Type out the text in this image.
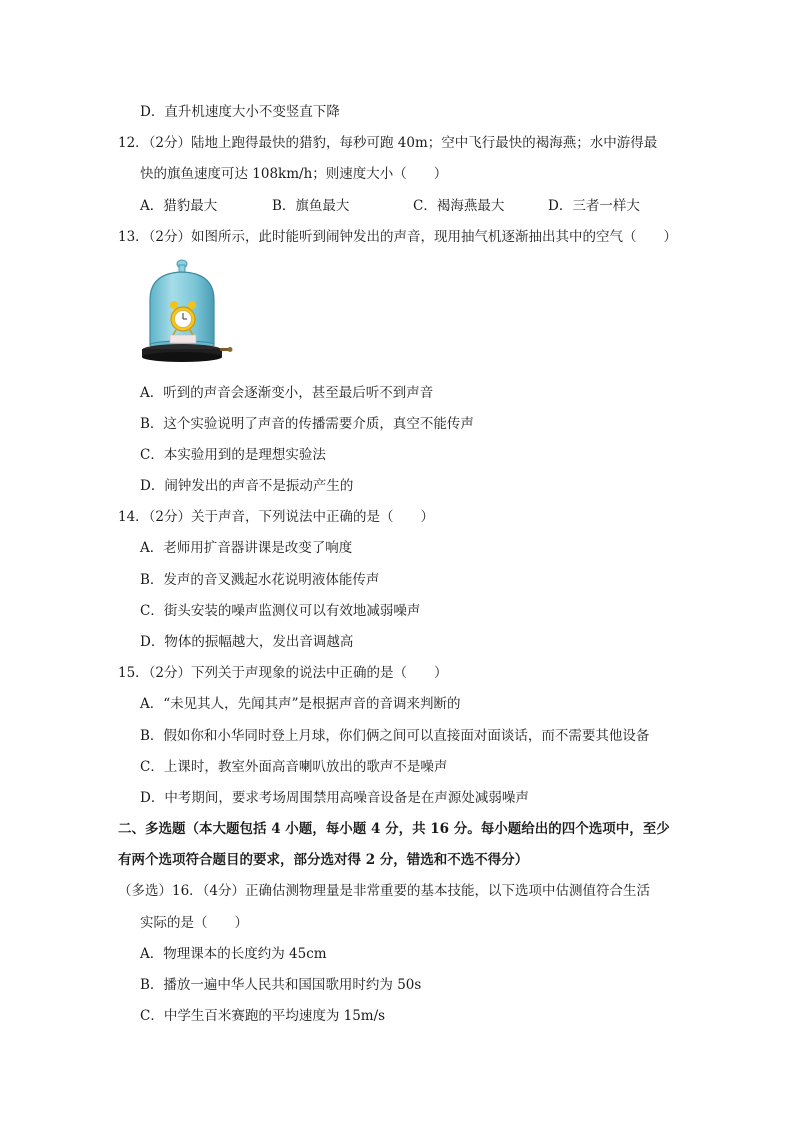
D．直升机速度大小不变竖直下降
12．（2分）陆地上跑得最快的猎豹，每秒可跑 40m；空中飞行最快的褐海燕；水中游得最
快的旗鱼速度可达 108km/h；则速度大小（　　）
A．猎豹最大	B．旗鱼最大	C．褐海燕最大	D．三者一样大
13．（2分）如图所示，此时能听到闹钟发出的声音，现用抽气机逐渐抽出其中的空气（　　）
A．听到的声音会逐渐变小，甚至最后听不到声音
B．这个实验说明了声音的传播需要介质，真空不能传声
C．本实验用到的是理想实验法
D．闹钟发出的声音不是振动产生的
14．（2分）关于声音，下列说法中正确的是（　　）
A．老师用扩音器讲课是改变了响度
B．发声的音叉溅起水花说明液体能传声
C．街头安装的噪声监测仪可以有效地减弱噪声
D．物体的振幅越大，发出音调越高
15．（2分）下列关于声现象的说法中正确的是（　　）
A．“未见其人，先闻其声”是根据声音的音调来判断的
B．假如你和小华同时登上月球，你们俩之间可以直接面对面谈话，而不需要其他设备
C．上课时，教室外面高音喇叭放出的歌声不是噪声
D．中考期间，要求考场周围禁用高噪音设备是在声源处减弱噪声
二、多选题（本大题包括 4 小题，每小题 4 分，共 16 分。每小题给出的四个选项中，至少
有两个选项符合题目的要求，部分选对得 2 分，错选和不选不得分）
（多选）16．（4分）正确估测物理量是非常重要的基本技能，以下选项中估测值符合生活
实际的是（　　）
A．物理课本的长度约为 45cm
B．播放一遍中华人民共和国国歌用时约为 50s
C．中学生百米赛跑的平均速度为 15m/s
